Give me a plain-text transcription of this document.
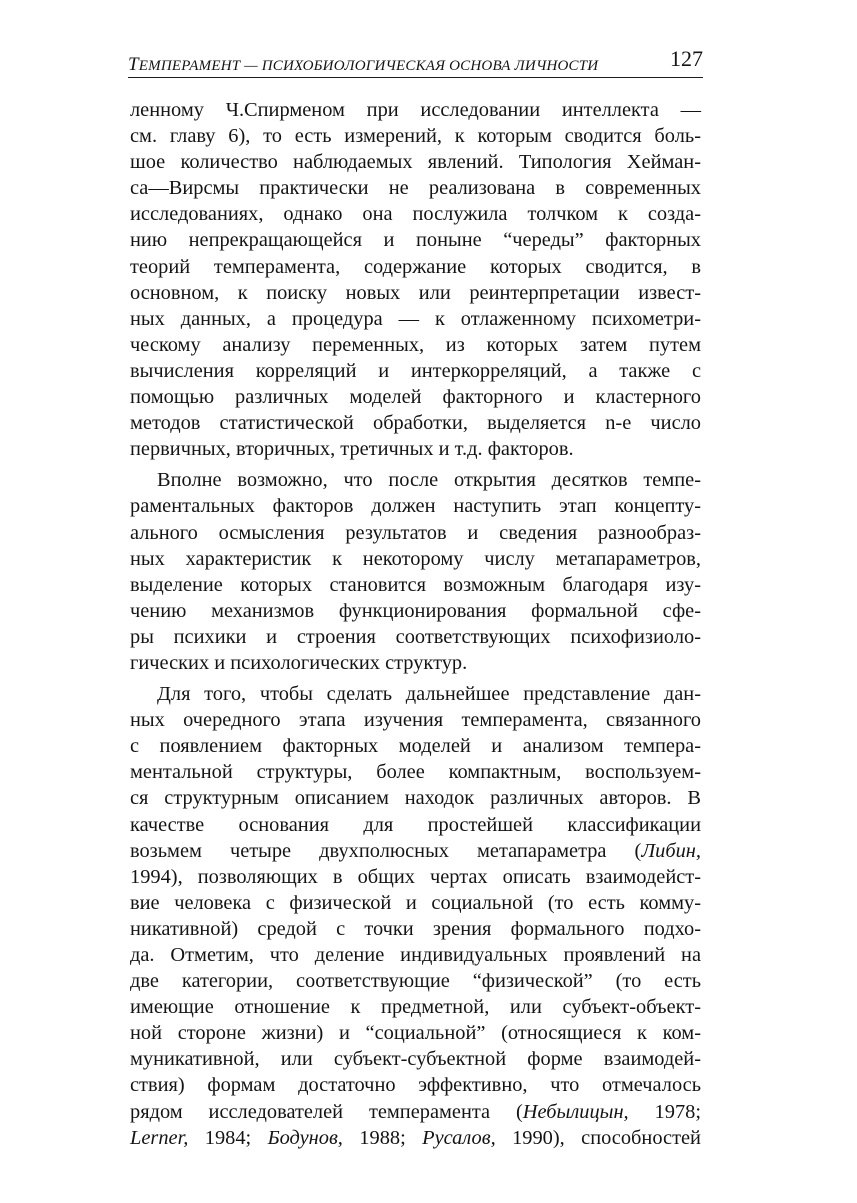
ТЕМПЕРАМЕНТ — ПСИХОБИОЛОГИЧЕСКАЯ ОСНОВА ЛИЧНОСТИ	127
ленному Ч.Спирменом при исследовании интеллекта —
см. главу 6), то есть измерений, к которым сводится боль-
шое количество наблюдаемых явлений. Типология Хейман-
са—Вирсмы практически не реализована в современных
исследованиях, однако она послужила толчком к созда-
нию непрекращающейся и поныне “череды” факторных
теорий темперамента, содержание которых сводится, в
основном, к поиску новых или реинтерпретации извест-
ных данных, а процедура — к отлаженному психометри-
ческому анализу переменных, из которых затем путем
вычисления корреляций и интеркорреляций, а также с
помощью различных моделей факторного и кластерного
методов статистической обработки, выделяется n-е число
первичных, вторичных, третичных и т.д. факторов.
Вполне возможно, что после открытия десятков темпе-
раментальных факторов должен наступить этап концепту-
ального осмысления результатов и сведения разнообраз-
ных характеристик к некоторому числу метапараметров,
выделение которых становится возможным благодаря изу-
чению механизмов функционирования формальной сфе-
ры психики и строения соответствующих психофизиоло-
гических и психологических структур.
Для того, чтобы сделать дальнейшее представление дан-
ных очередного этапа изучения темперамента, связанного
с появлением факторных моделей и анализом темпера-
ментальной структуры, более компактным, воспользуем-
ся структурным описанием находок различных авторов. В
качестве основания для простейшей классификации
возьмем четыре двухполюсных метапараметра (Либин,
1994), позволяющих в общих чертах описать взаимодейст-
вие человека с физической и социальной (то есть комму-
никативной) средой с точки зрения формального подхо-
да. Отметим, что деление индивидуальных проявлений на
две категории, соответствующие “физической” (то есть
имеющие отношение к предметной, или субъект-объект-
ной стороне жизни) и “социальной” (относящиеся к ком-
муникативной, или субъект-субъектной форме взаимодей-
ствия) формам достаточно эффективно, что отмечалось
рядом исследователей темперамента (Небылицын, 1978;
Lerner, 1984; Бодунов, 1988; Русалов, 1990), способностей
